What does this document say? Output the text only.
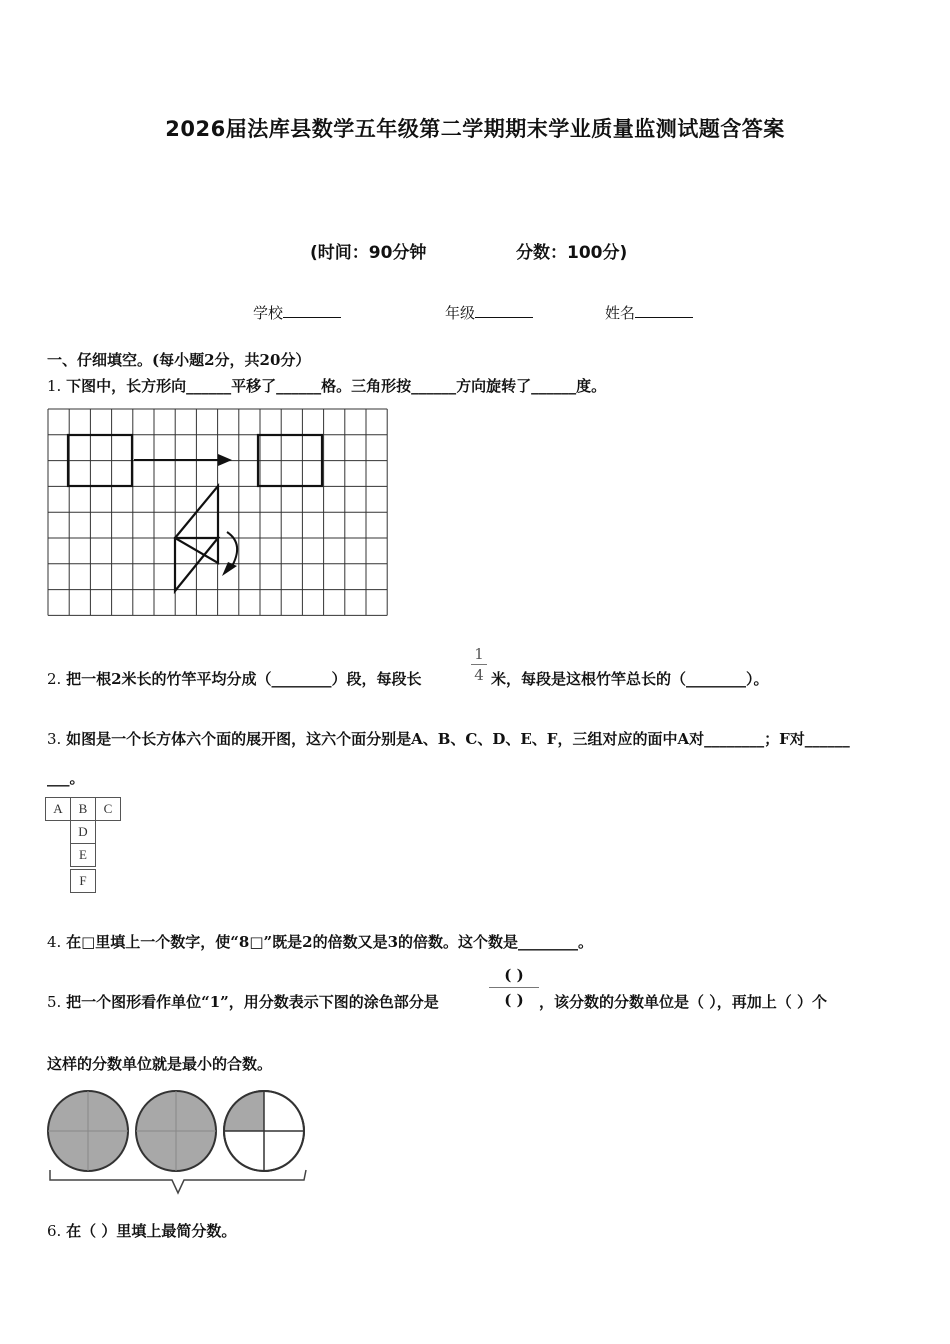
2026届法库县数学五年级第二学期期末学业质量监测试题含答案
(时间：90分钟	分数：100分)
学校	年级	姓名
一、仔细填空。(每小题2分，共20分）
1. 下图中，长方形向______平移了______格。三角形按______方向旋转了______度。
2. 把一根2米长的竹竿平均分成（________）段，每段长
1
4 米，每段是这根竹竿总长的（________）。
3. 如图是一个长方体六个面的展开图，这六个面分别是A、B、C、D、E、F，三组对应的面中A对________；F对______
___。
A	B	C
D
E
F
4. 在□里填上一个数字，使“8□”既是2的倍数又是3的倍数。这个数是________。
5. 把一个图形看作单位“1”，用分数表示下图的涂色部分是
( )
( )	，该分数的分数单位是（ ），再加上（ ）个
这样的分数单位就是最小的合数。
6. 在（ ）里填上最简分数。
